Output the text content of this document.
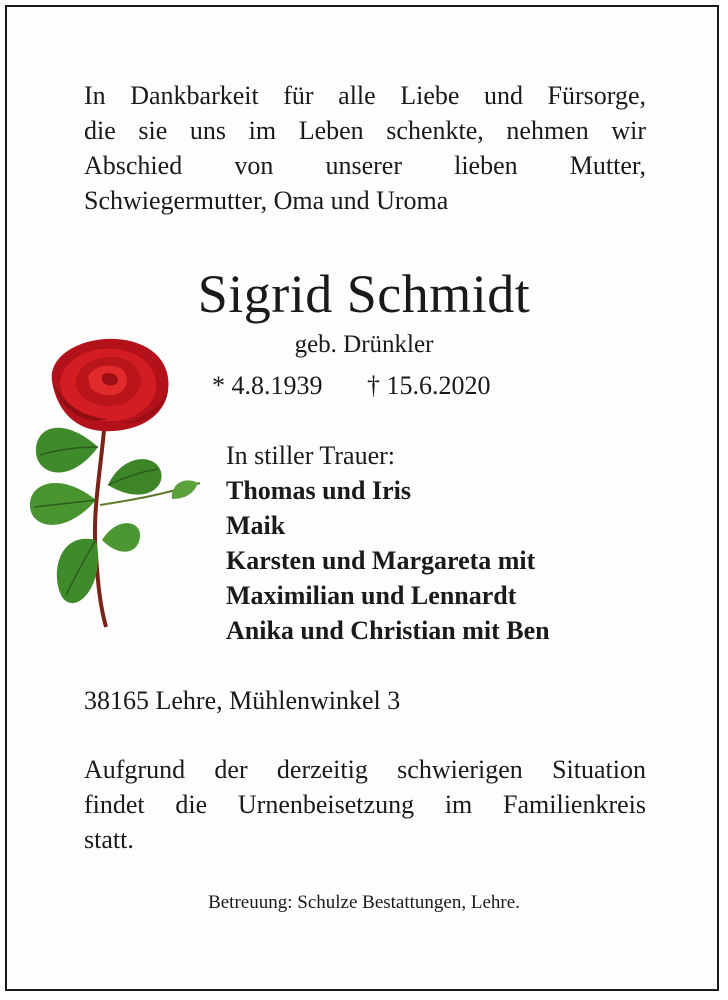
In Dankbarkeit für alle Liebe und Fürsorge,
die sie uns im Leben schenkte, nehmen wir
Abschied von unserer lieben Mutter,
Schwiegermutter, Oma und Uroma
Sigrid Schmidt
geb. Drünkler
* 4.8.1939 † 15.6.2020
In stiller Trauer:
Thomas und Iris
Maik
Karsten und Margareta mit
Maximilian und Lennardt
Anika und Christian mit Ben
38165 Lehre, Mühlenwinkel 3
Aufgrund der derzeitig schwierigen Situation
findet die Urnenbeisetzung im Familienkreis
statt.
Betreuung: Schulze Bestattungen, Lehre.
